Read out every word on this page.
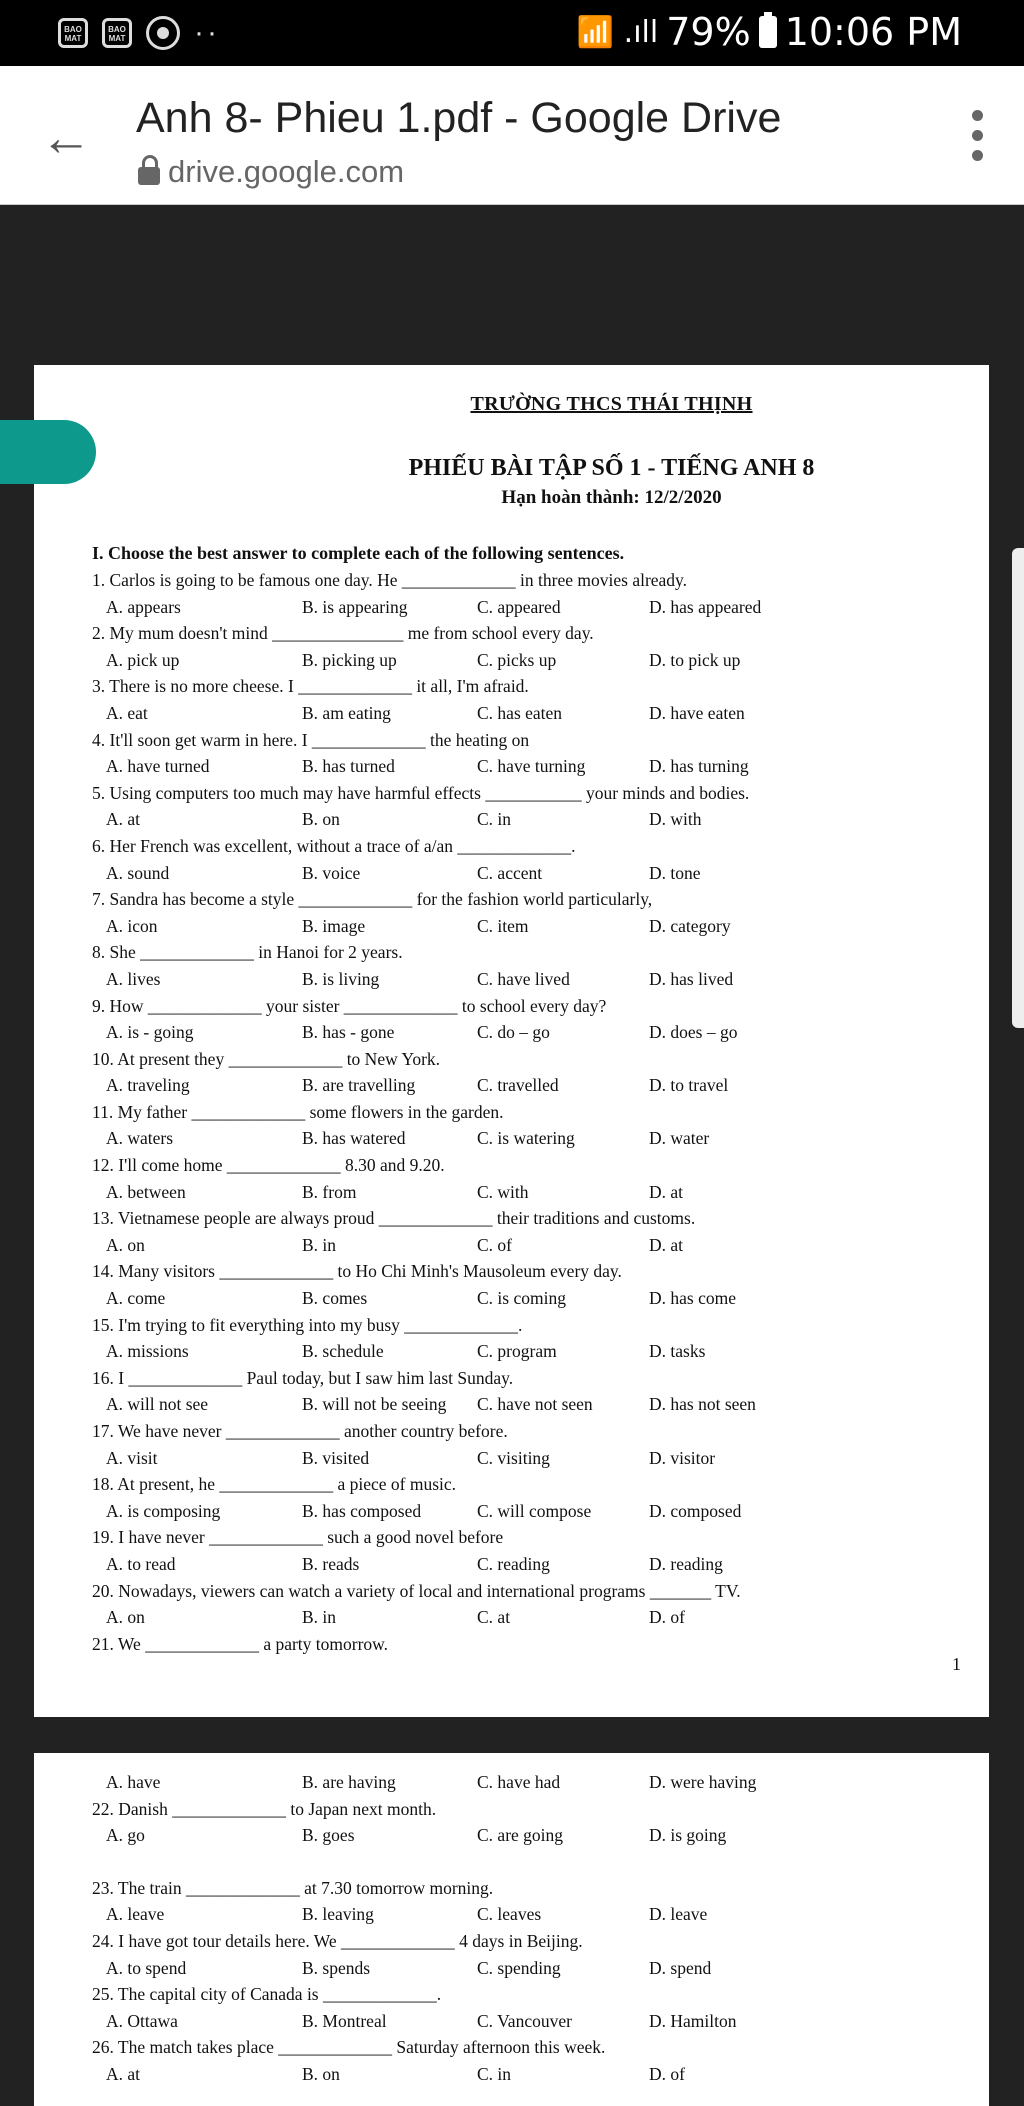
BAO MAT
BAO MAT ··	📶 .ıll 79% 10:06 PM
← Anh 8- Phieu 1.pdf - Google Drive
drive.google.com
TRƯỜNG THCS THÁI THỊNH
PHIẾU BÀI TẬP SỐ 1 - TIẾNG ANH 8
Hạn hoàn thành: 12/2/2020
I. Choose the best answer to complete each of the following sentences.
1. Carlos is going to be famous one day. He _____________ in three movies already.
A. appears	B. is appearing	C. appeared	D. has appeared
2. My mum doesn't mind _______________ me from school every day.
A. pick up	B. picking up	C. picks up	D. to pick up
3. There is no more cheese. I _____________ it all, I'm afraid.
A. eat	B. am eating	C. has eaten	D. have eaten
4. It'll soon get warm in here. I _____________ the heating on
A. have turned	B. has turned	C. have turning	D. has turning
5. Using computers too much may have harmful effects ___________ your minds and bodies.
A. at	B. on	C. in	D. with
6. Her French was excellent, without a trace of a/an _____________.
A. sound	B. voice	C. accent	D. tone
7. Sandra has become a style _____________ for the fashion world particularly,
A. icon	B. image	C. item	D. category
8. She _____________ in Hanoi for 2 years.
A. lives	B. is living	C. have lived	D. has lived
9. How _____________ your sister _____________ to school every day?
A. is - going	B. has - gone	C. do – go	D. does – go
10. At present they _____________ to New York.
A. traveling	B. are travelling	C. travelled	D. to travel
11. My father _____________ some flowers in the garden.
A. waters	B. has watered	C. is watering	D. water
12. I'll come home _____________ 8.30 and 9.20.
A. between	B. from	C. with	D. at
13. Vietnamese people are always proud _____________ their traditions and customs.
A. on	B. in	C. of	D. at
14. Many visitors _____________ to Ho Chi Minh's Mausoleum every day.
A. come	B. comes	C. is coming	D. has come
15. I'm trying to fit everything into my busy _____________.
A. missions	B. schedule	C. program	D. tasks
16. I _____________ Paul today, but I saw him last Sunday.
A. will not see	B. will not be seeing C. have not seen	D. has not seen
17. We have never _____________ another country before.
A. visit	B. visited	C. visiting	D. visitor
18. At present, he _____________ a piece of music.
A. is composing	B. has composed	C. will compose	D. composed
19. I have never _____________ such a good novel before
A. to read	B. reads	C. reading	D. reading
20. Nowadays, viewers can watch a variety of local and international programs _______ TV.
A. on	B. in	C. at	D. of
21. We _____________ a party tomorrow.
1
A. have	B. are having	C. have had	D. were having
22. Danish _____________ to Japan next month.
A. go	B. goes	C. are going	D. is going
23. The train _____________ at 7.30 tomorrow morning.
A. leave	B. leaving	C. leaves	D. leave
24. I have got tour details here. We _____________ 4 days in Beijing.
A. to spend	B. spends	C. spending	D. spend
25. The capital city of Canada is _____________.
A. Ottawa	B. Montreal	C. Vancouver	D. Hamilton
26. The match takes place _____________ Saturday afternoon this week.
A. at	B. on	C. in	D. of
